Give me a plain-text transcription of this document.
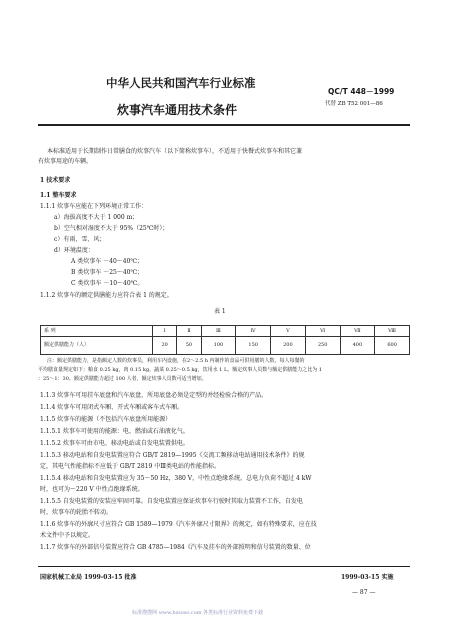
中华人民共和国汽车行业标准
QC/T 448－1999
炊事汽车通用技术条件	代替 ZB T52 001—86
本标准适用于长期制作日常膳食的炊事汽车（以下简称炊事车），不适用于快餐式炊事车和其它兼
有炊事用途的车辆。
1 技术要求
1.1 整车要求
1.1.1 炊事车应能在下列环境正常工作：
a）海拔高度不大于 1 000 m；
b）空气相对湿度不大于 95%（25℃时）；
c）有雨、雪、风；
d）环境温度：
A 类炊事车 －40～40℃；
B 类炊事车 －25～40℃；
C 类炊事车 －10～40℃。
1.1.2 炊事车的额定供膳能力应符合表 1 的规定。
表 1
系 列	Ⅰ	Ⅱ	Ⅲ	Ⅳ	Ⅴ	Ⅵ	Ⅶ	Ⅷ
额定供膳能力（人）	20	50	100	150	200	250	400	600
注：额定供膳能力，是指额定人数的炊事员，利用车内设施，在2～2.5 h 内制作的食品可供用膳的人数，每人每餐的
平均膳食量规定如下：粮食 0.25 kg，肉 0.15 kg，蔬菜 0.25～0.5 kg，饮用水 1 L。额定炊事人员数与额定供膳能力之比为 1
：25～1：30。额定供膳能力超过 100 人者，额定炊事人员数可适当增加。
1.1.3 炊事车可用挂车底盘和汽车底盘，所用底盘必须是定型的并经检验合格的产品。
1.1.4 炊事车可用闭式车厢、开式车厢或客车式车厢。
1.1.5 炊事车的能源（不包括汽车底盘所用能源）
1.1.5.1 炊事车可使用的能源：电、燃油或石油液化气。
1.1.5.2 炊事车可由市电、移动电站或自发电装置供电。
1.1.5.3 移动电站和自发电装置应符合 GB/T 2819—1995《交流工频移动电站通用技术条件》的规
定，其电气性能指标不应低于 GB/T 2819 中Ⅲ类电站的性能指标。
1.1.5.4 移动电站和自发电装置应为 35～50 Hz，380 V，中性点绝缘系统。总电力负荷不超过 4 kW
时，也可为～220 V 中性点绝缘系统。
1.1.5.5 自发电装置的安装应牢固可靠。自发电装置应保证炊事车行驶时其取力装置不工作，自发电
时，炊事车的轮胎不转动。
1.1.6 炊事车的外廓尺寸应符合 GB 1589—1979《汽车外廓尺寸限界》的规定，如有特殊要求，应在技
术文件中予以规定。
1.1.7 炊事车的外部信号装置应符合 GB 4785—1984《汽车及挂车的外部照明和信号装置的数量、位
国家机械工业局 1999-03-15 批准	1999-03-15 实施
— 87 —
标准搜搜网 www.bzsoso.com 各类标准行业资料免费下载
